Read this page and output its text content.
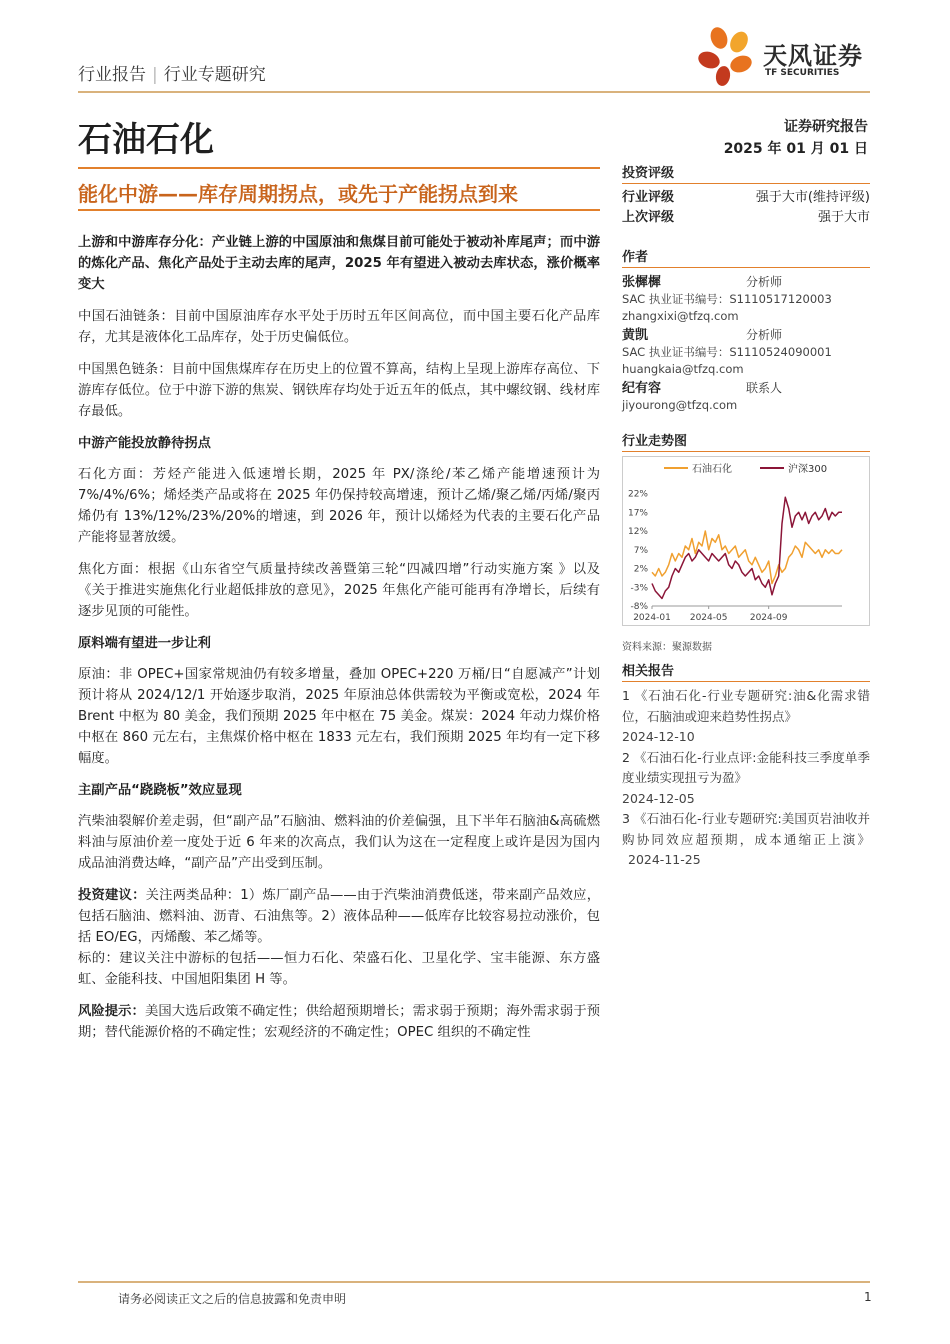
行业报告 | 行业专题研究
天风证券
TF SECURITIES
石油石化	证券研究报告
2025 年 01 月 01 日
能化中游——库存周期拐点，或先于产能拐点到来

上游和中游库存分化：产业链上游的中国原油和焦煤目前可能处于被动补库尾声；而中游的炼化产品、焦化产品处于主动去库的尾声，2025 年有望进入被动去库状态，涨价概率变大

中国石油链条：目前中国原油库存水平处于历时五年区间高位，而中国主要石化产品库存，尤其是液体化工品库存，处于历史偏低位。

中国黑色链条：目前中国焦煤库存在历史上的位置不算高，结构上呈现上游库存高位、下游库存低位。位于中游下游的焦炭、钢铁库存均处于近五年的低点，其中螺纹钢、线材库存最低。

中游产能投放静待拐点

石化方面：芳烃产能进入低速增长期，2025 年 PX/涤纶/苯乙烯产能增速预计为 7%/4%/6%；烯烃类产品或将在 2025 年仍保持较高增速，预计乙烯/聚乙烯/丙烯/聚丙烯仍有 13%/12%/23%/20%的增速，到 2026 年，预计以烯烃为代表的主要石化产品产能将显著放缓。

焦化方面：根据《山东省空气质量持续改善暨第三轮“四减四增”行动实施方案 》以及《关于推进实施焦化行业超低排放的意见》，2025 年焦化产能可能再有净增长，后续有逐步见顶的可能性。

原料端有望进一步让利

原油：非 OPEC+国家常规油仍有较多增量，叠加 OPEC+220 万桶/日“自愿减产”计划预计将从 2024/12/1 开始逐步取消，2025 年原油总体供需较为平衡或宽松，2024 年 Brent 中枢为 80 美金，我们预期 2025 年中枢在 75 美金。煤炭：2024 年动力煤价格中枢在 860 元左右，主焦煤价格中枢在 1833 元左右，我们预期 2025 年均有一定下移幅度。

主副产品“跷跷板”效应显现

汽柴油裂解价差走弱，但“副产品”石脑油、燃料油的价差偏强，且下半年石脑油&高硫燃料油与原油价差一度处于近 6 年来的次高点，我们认为这在一定程度上或许是因为国内成品油消费达峰，“副产品”产出受到压制。

投资建议：关注两类品种：1）炼厂副产品——由于汽柴油消费低迷，带来副产品效应，包括石脑油、燃料油、沥青、石油焦等。2）液体品种——低库存比较容易拉动涨价，包括 EO/EG，丙烯酸、苯乙烯等。

标的：建议关注中游标的包括——恒力石化、荣盛石化、卫星化学、宝丰能源、东方盛虹、金能科技、中国旭阳集团 H 等。

风险提示：美国大选后政策不确定性；供给超预期增长；需求弱于预期；海外需求弱于预期；替代能源价格的不确定性；宏观经济的不确定性；OPEC 组织的不确定性

投资评级
行业评级	强于大市(维持评级)
上次评级	强于大市
作者
张樨樨	分析师
SAC 执业证书编号：S1110517120003
zhangxixi@tfzq.com
黄凯	分析师
SAC 执业证书编号：S1110524090001
huangkaia@tfzq.com
纪有容	联系人
jiyourong@tfzq.com
行业走势图
石油石化	沪深300
22%
17%
12%
7%
2%
-3%
-8%
2024-01 2024-05 2024-09
资料来源：聚源数据
相关报告
1 《石油石化-行业专题研究:油&化需求错位，石脑油或迎来趋势性拐点》
2024-12-10
2 《石油石化-行业点评:金能科技三季度单季度业绩实现扭亏为盈》
2024-12-05
3 《石油石化-行业专题研究:美国页岩油收并购协同效应超预期，成本通缩正上演》 2024-11-25
请务必阅读正文之后的信息披露和免责申明	1
